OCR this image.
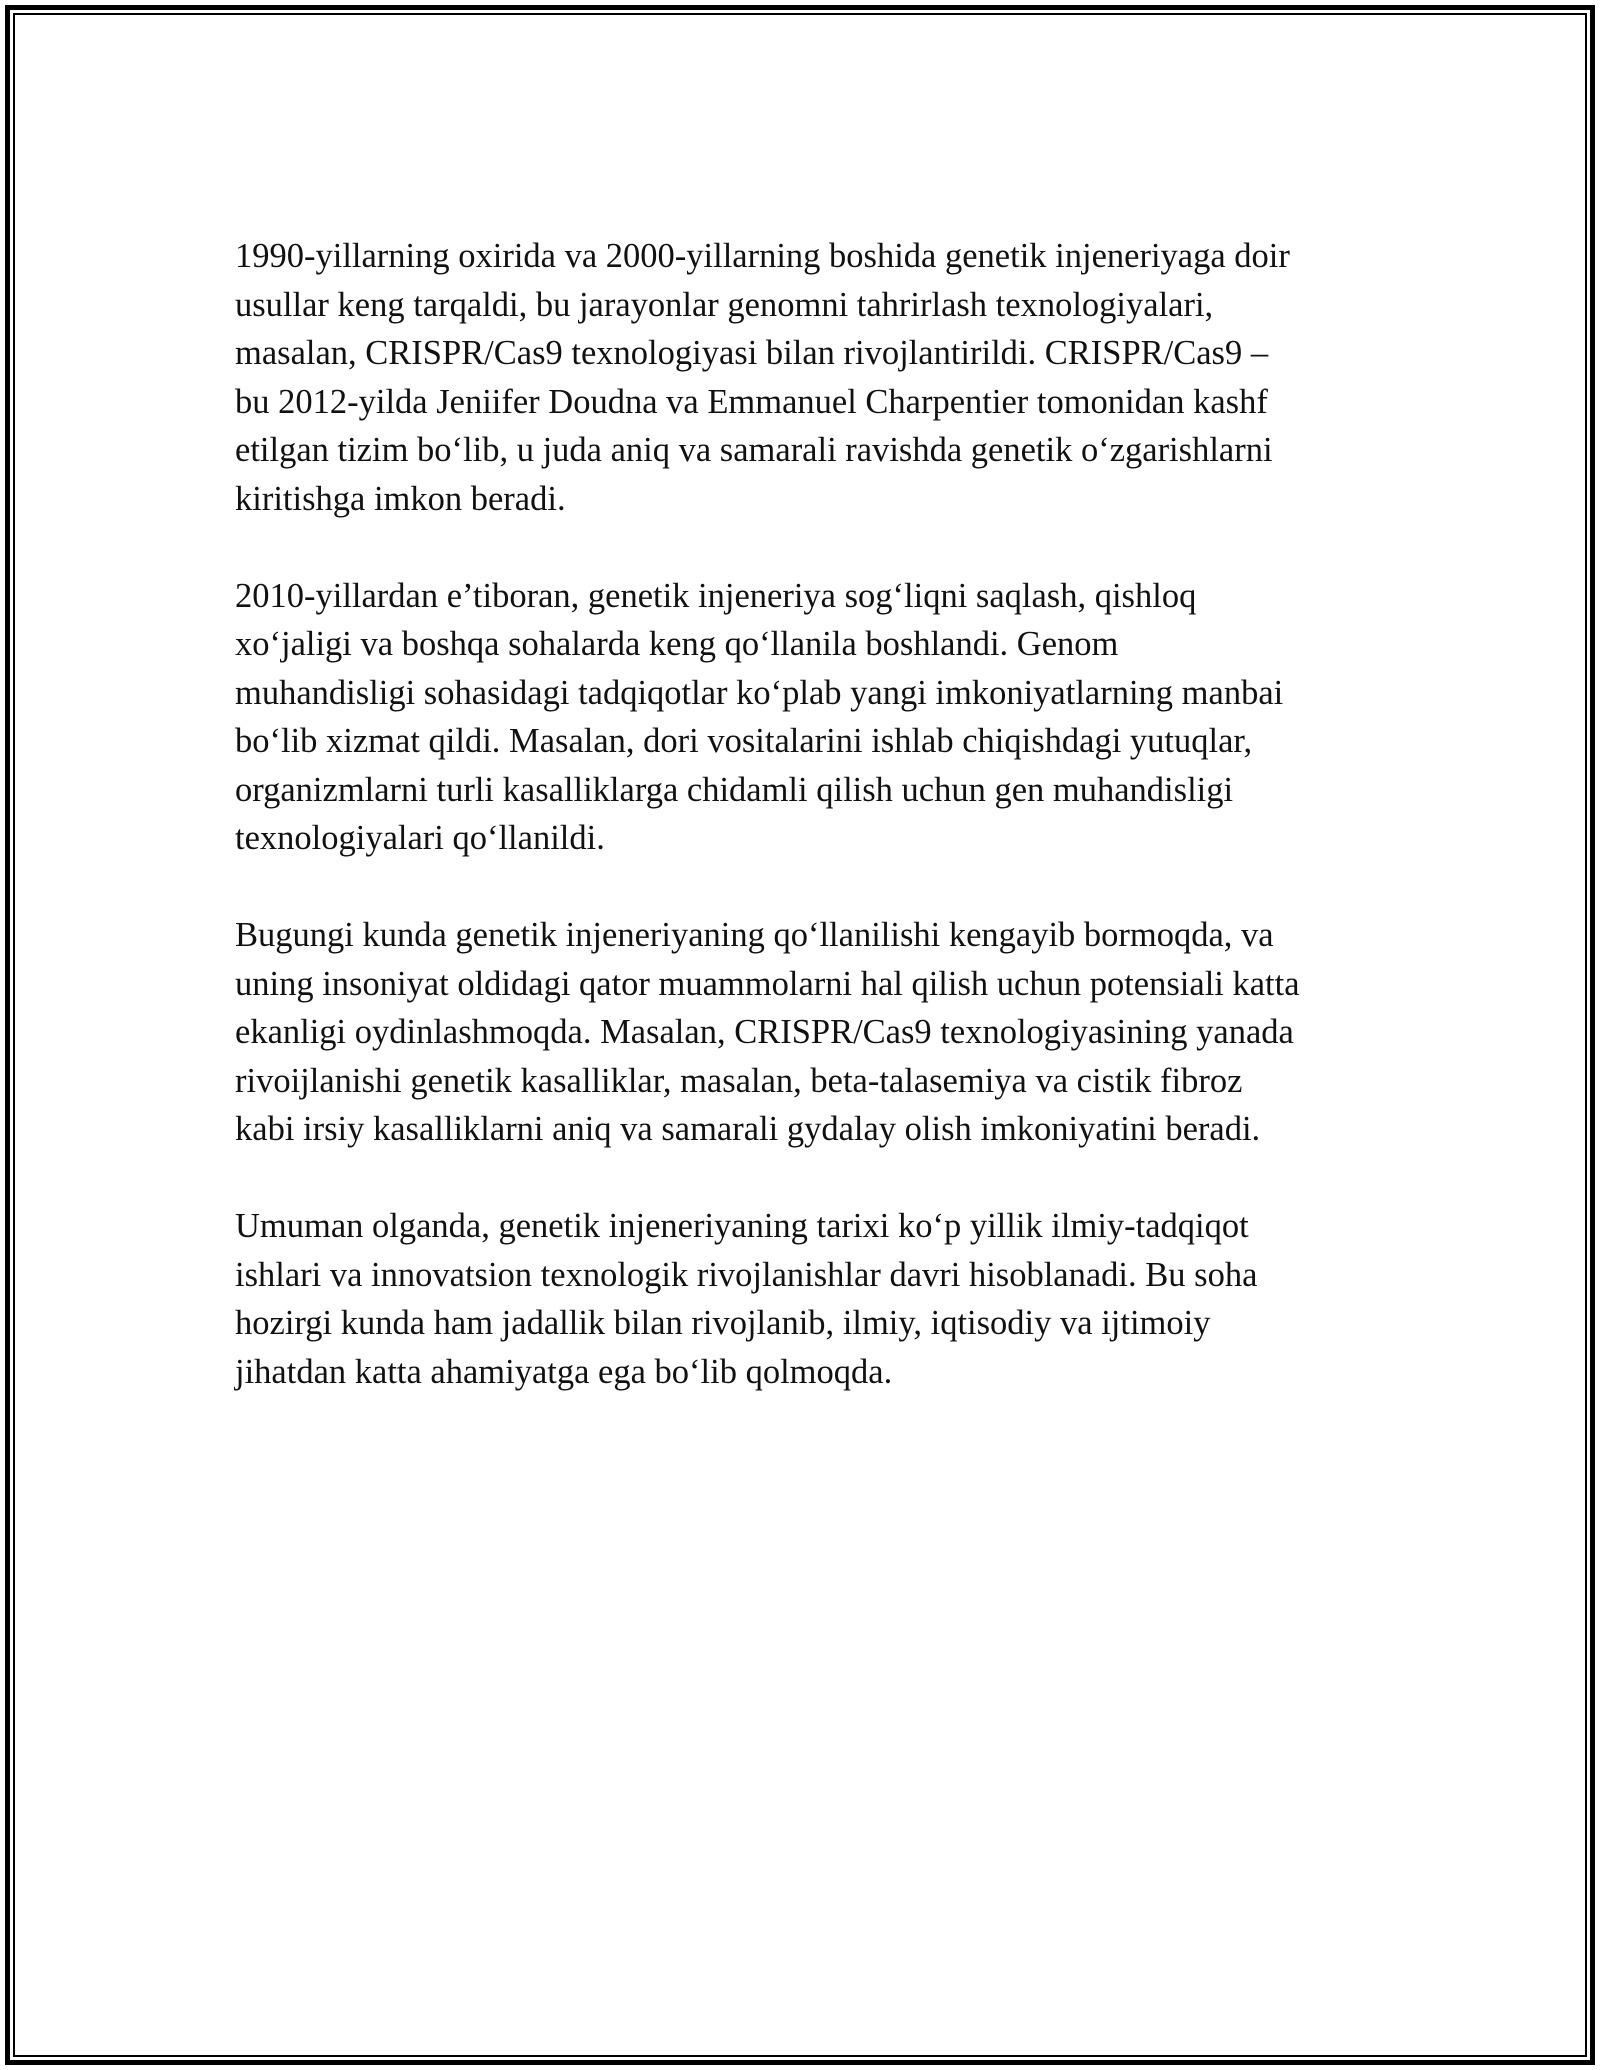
1990-yillarning oxirida va 2000-yillarning boshida genetik injeneriyaga doir
usullar keng tarqaldi, bu jarayonlar genomni tahrirlash texnologiyalari,
masalan, CRISPR/Cas9 texnologiyasi bilan rivojlantirildi. CRISPR/Cas9 –
bu 2012-yilda Jeniifer Doudna va Emmanuel Charpentier tomonidan kashf
etilgan tizim bo‘lib, u juda aniq va samarali ravishda genetik o‘zgarishlarni
kiritishga imkon beradi.

2010-yillardan e’tiboran, genetik injeneriya sog‘liqni saqlash, qishloq
xo‘jaligi va boshqa sohalarda keng qo‘llanila boshlandi. Genom
muhandisligi sohasidagi tadqiqotlar ko‘plab yangi imkoniyatlarning manbai
bo‘lib xizmat qildi. Masalan, dori vositalarini ishlab chiqishdagi yutuqlar,
organizmlarni turli kasalliklarga chidamli qilish uchun gen muhandisligi
texnologiyalari qo‘llanildi.

Bugungi kunda genetik injeneriyaning qo‘llanilishi kengayib bormoqda, va
uning insoniyat oldidagi qator muammolarni hal qilish uchun potensiali katta
ekanligi oydinlashmoqda. Masalan, CRISPR/Cas9 texnologiyasining yanada
rivoijlanishi genetik kasalliklar, masalan, beta-talasemiya va cistik fibroz
kabi irsiy kasalliklarni aniq va samarali gydalay olish imkoniyatini beradi.

Umuman olganda, genetik injeneriyaning tarixi ko‘p yillik ilmiy-tadqiqot
ishlari va innovatsion texnologik rivojlanishlar davri hisoblanadi. Bu soha
hozirgi kunda ham jadallik bilan rivojlanib, ilmiy, iqtisodiy va ijtimoiy
jihatdan katta ahamiyatga ega bo‘lib qolmoqda.
